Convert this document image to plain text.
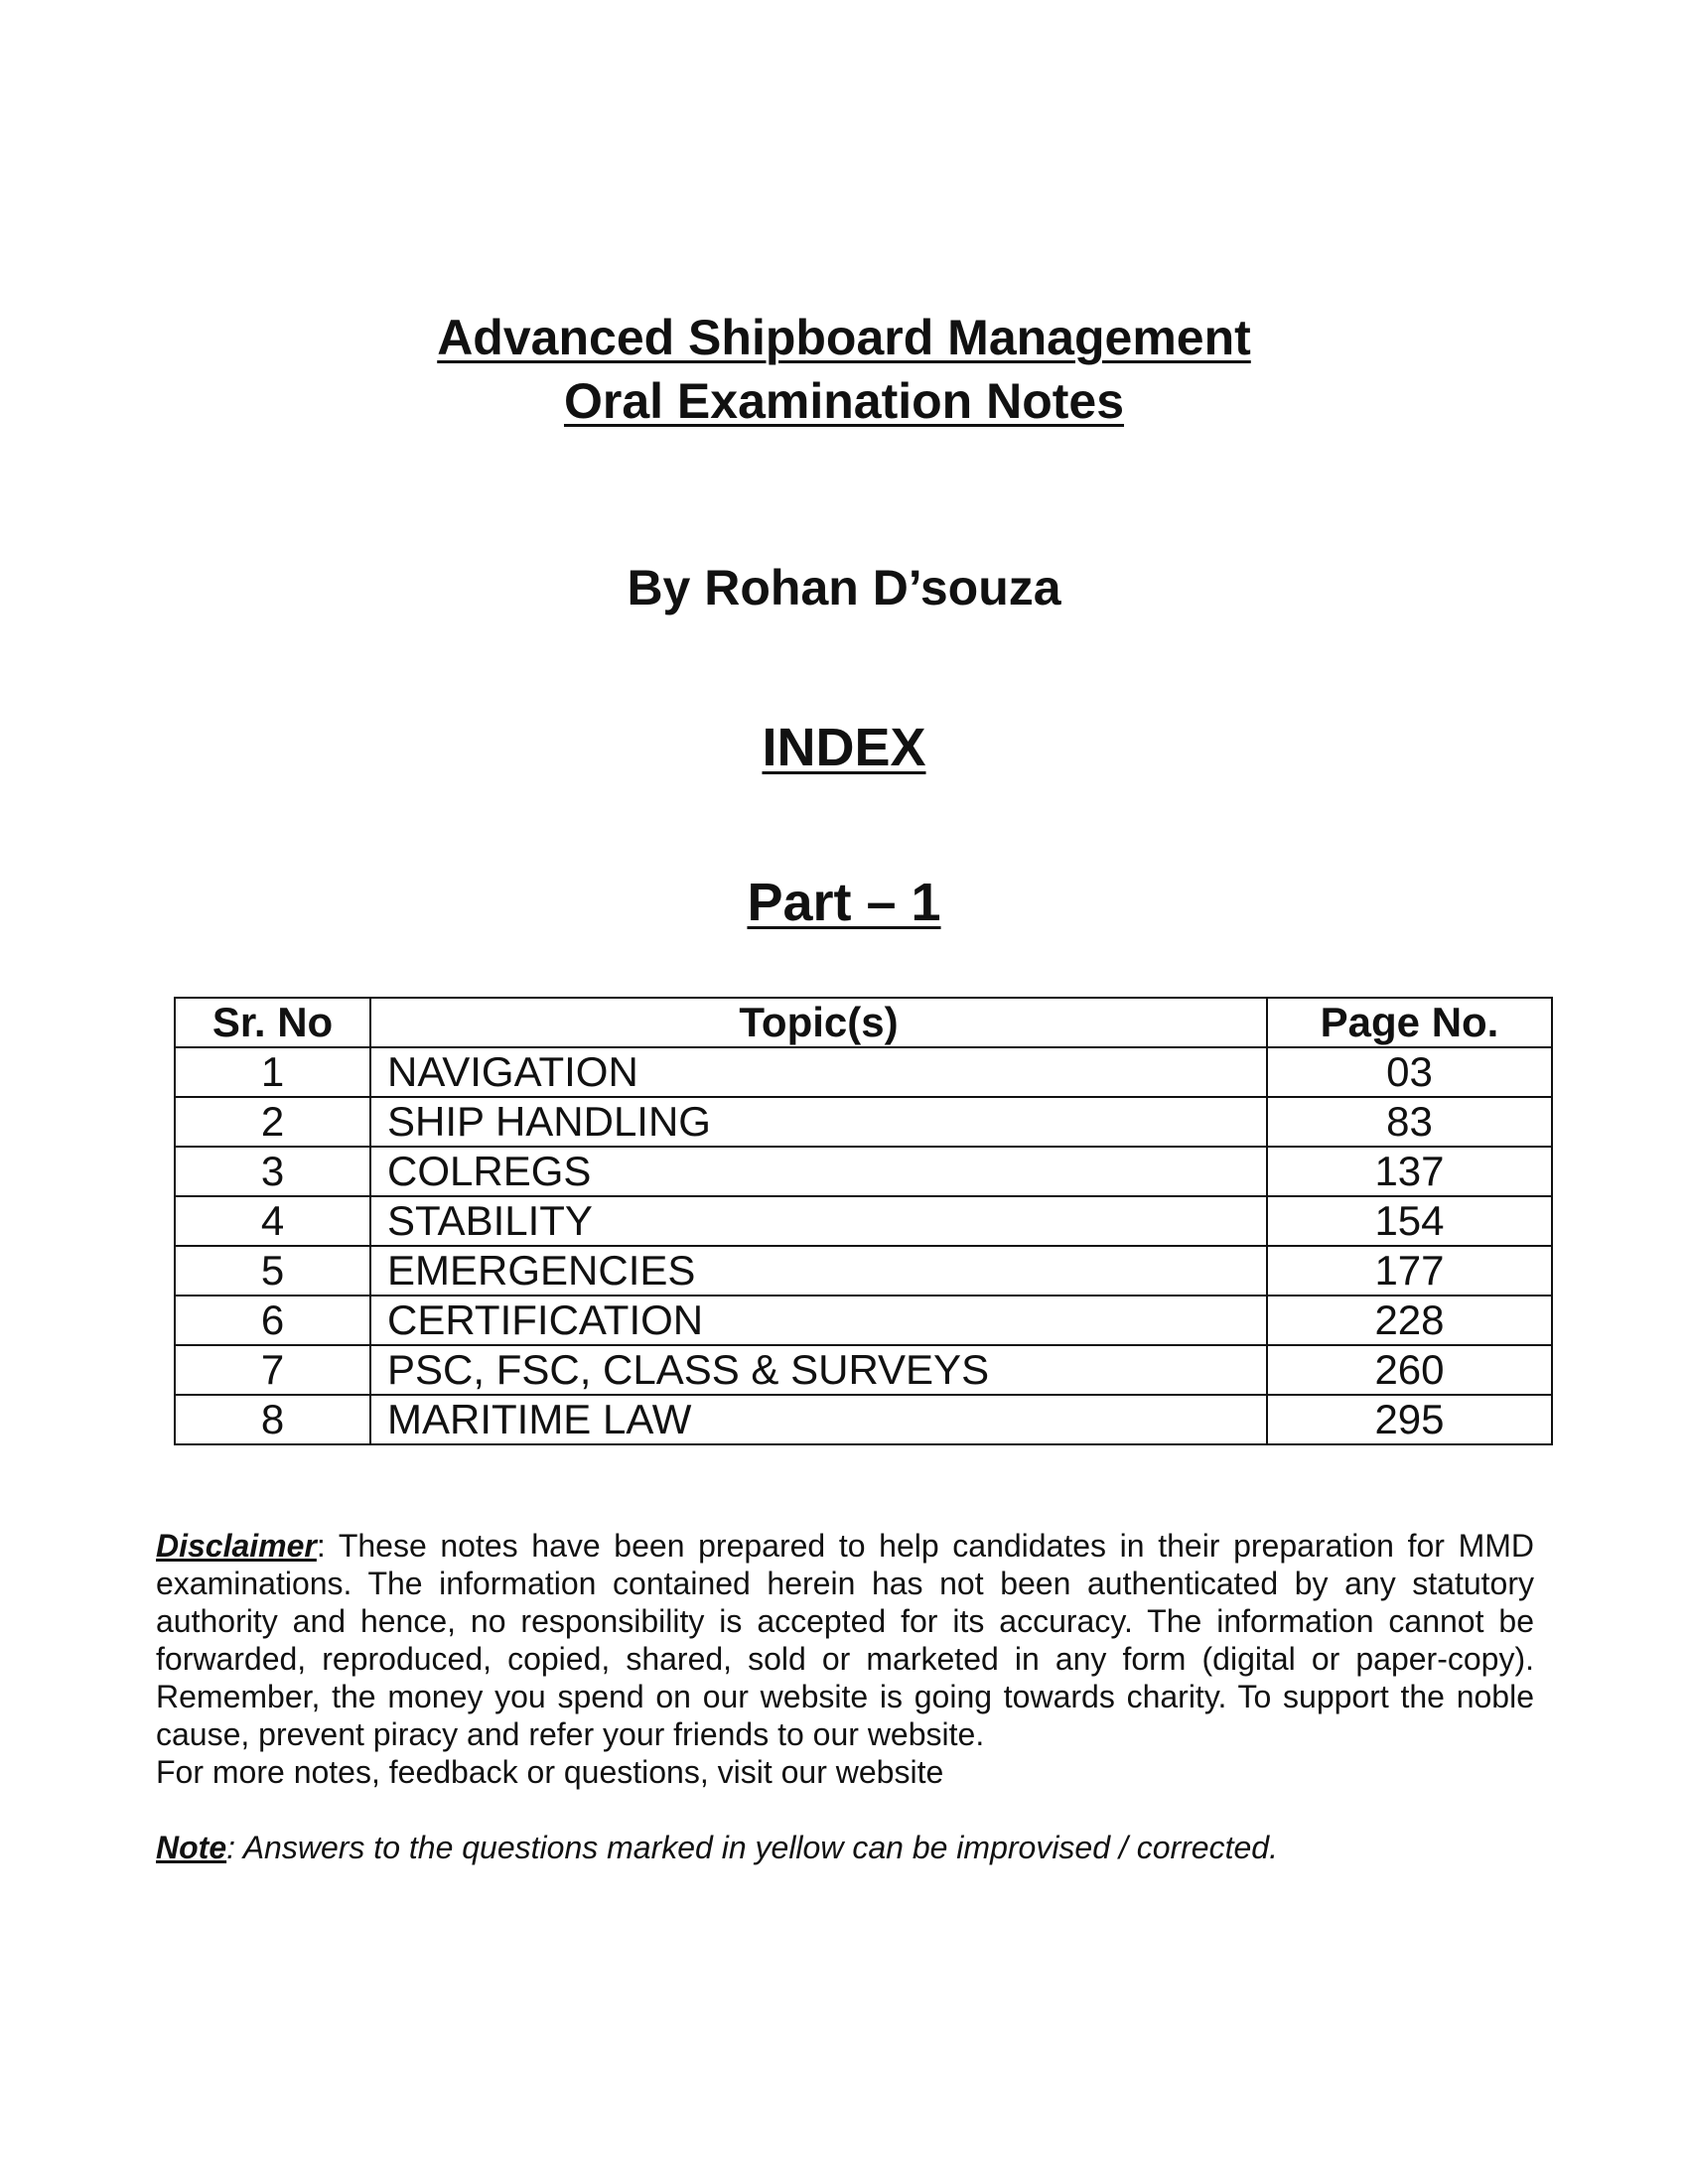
Advanced Shipboard Management
Oral Examination Notes
By Rohan D’souza
INDEX
Part – 1
Sr. No	Topic(s)	Page No.
1	NAVIGATION	03
2	SHIP HANDLING	83
3	COLREGS	137
4	STABILITY	154
5	EMERGENCIES	177
6	CERTIFICATION	228
7	PSC, FSC, CLASS & SURVEYS	260
8	MARITIME LAW	295

Disclaimer: These notes have been prepared to help candidates in their preparation for MMD examinations. The information contained herein has not been authenticated by any statutory authority and hence, no responsibility is accepted for its accuracy. The information cannot be forwarded, reproduced, copied, shared, sold or marketed in any form (digital or paper-copy). Remember, the money you spend on our website is going towards charity. To support the noble cause, prevent piracy and refer your friends to our website.

For more notes, feedback or questions, visit our website

Note: Answers to the questions marked in yellow can be improvised / corrected.
